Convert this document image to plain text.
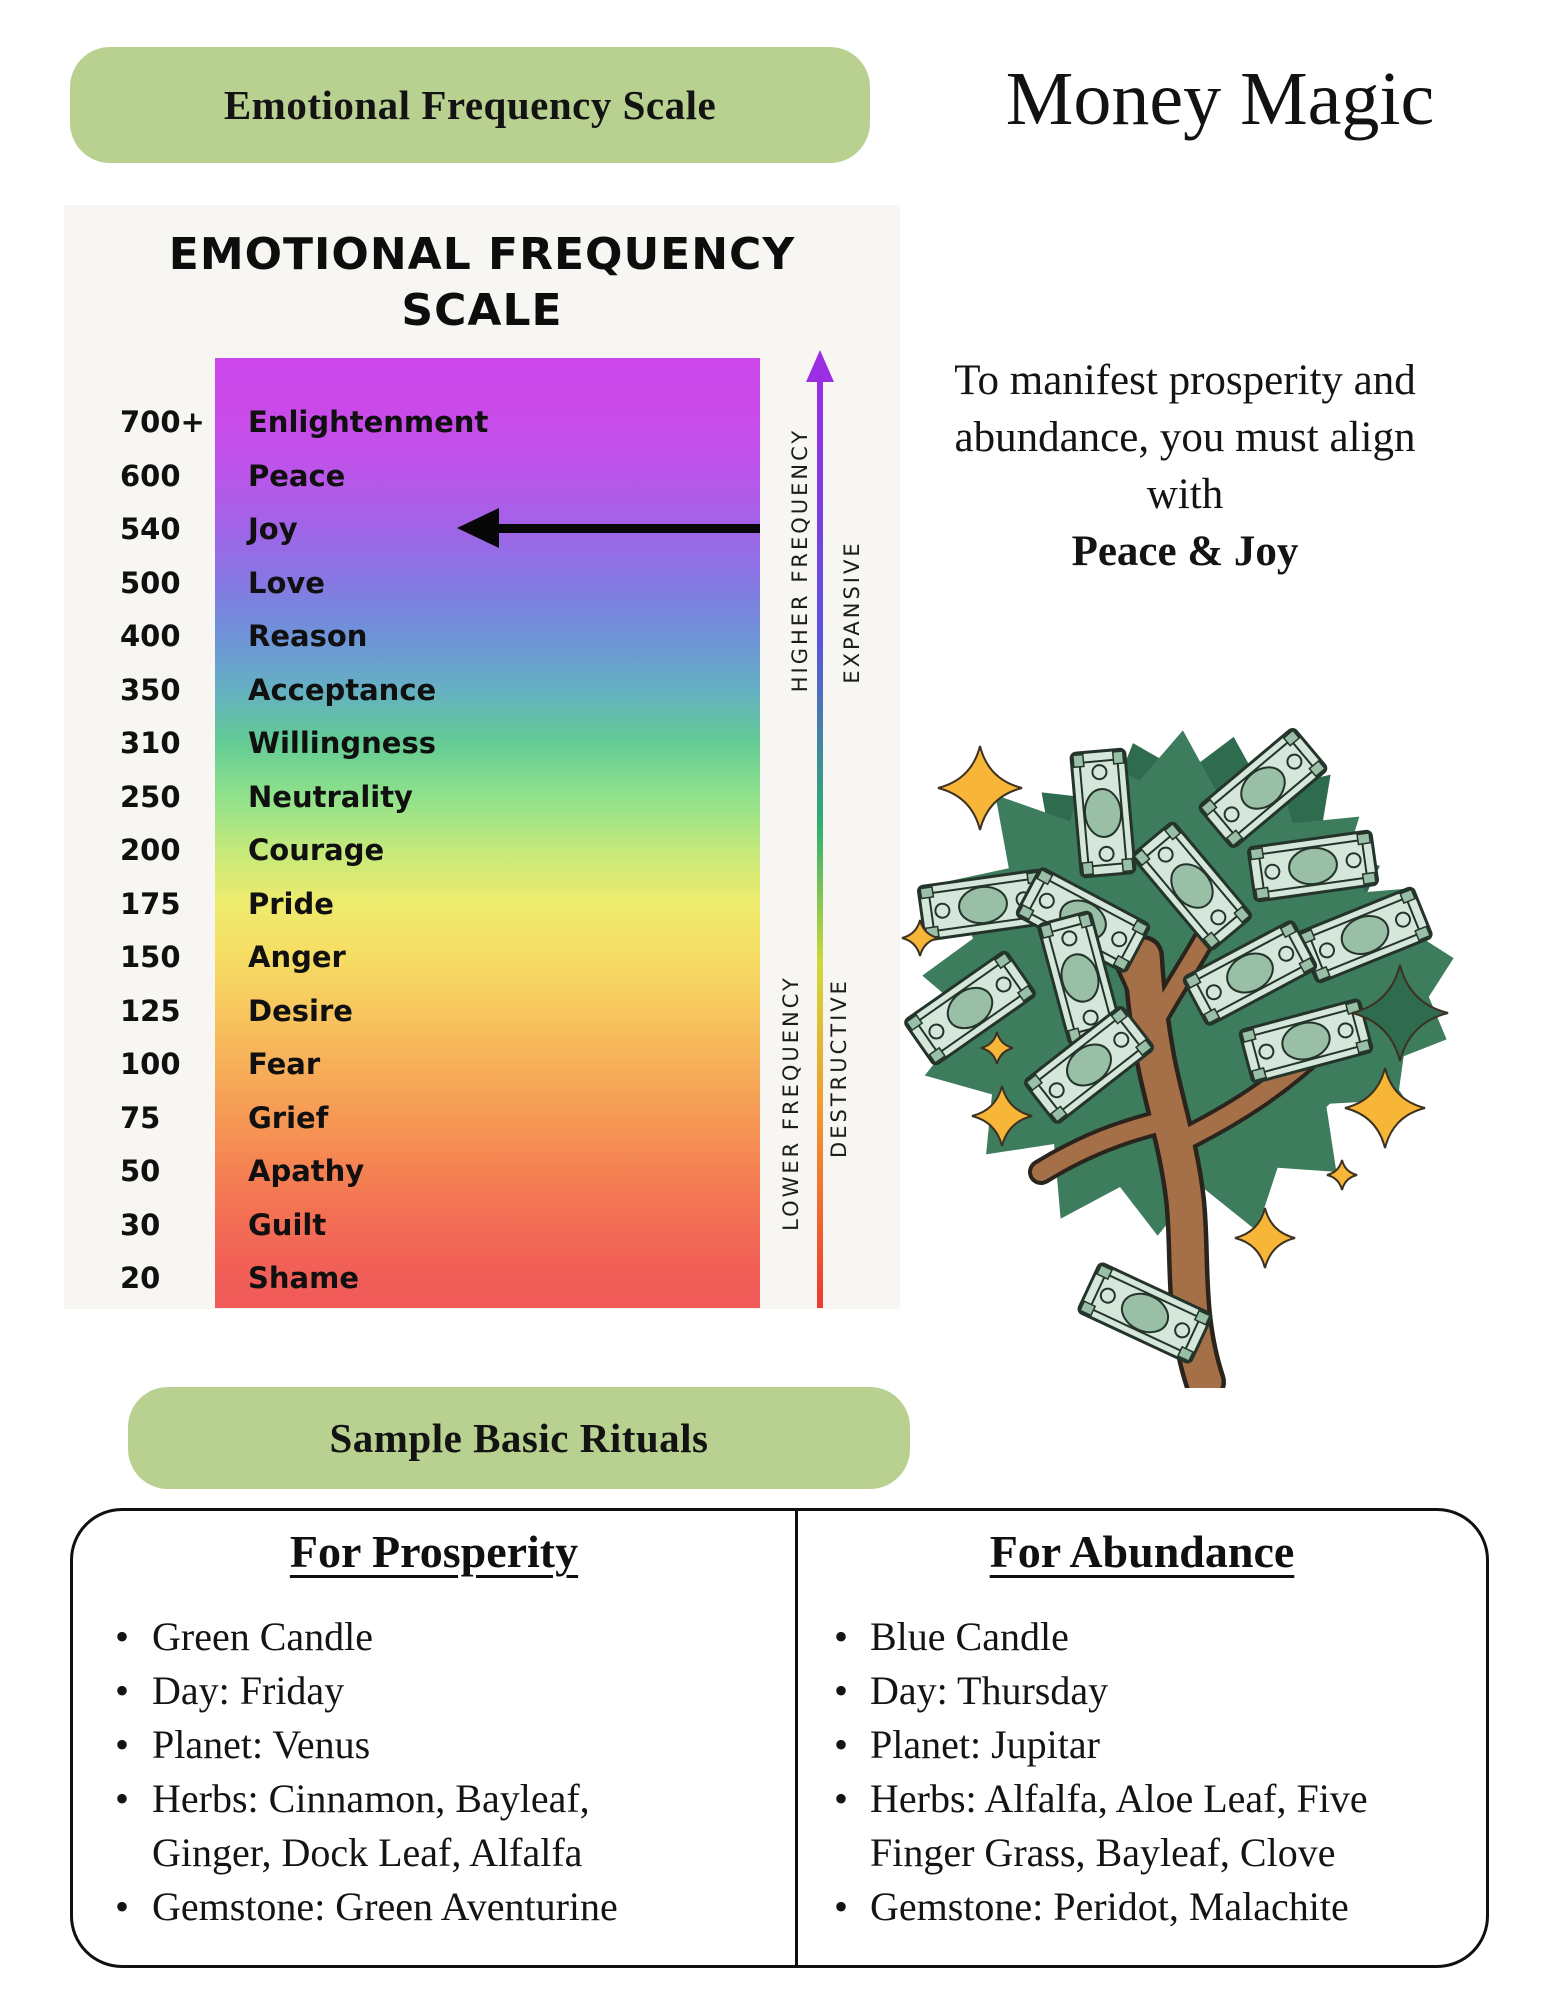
Emotional Frequency Scale	Money Magic
EMOTIONAL FREQUENCY SCALE
700+	Enlightenment
600	Peace
540	Joy
500	Love
400	Reason
350	Acceptance
310	Willingness
250	Neutrality
200	Courage
175	Pride
150	Anger
125	Desire
100	Fear
75	Grief
50	Apathy
30	Guilt
20	Shame
HIGHER FREQUENCY EXPANSIVE
LOWER FREQUENCY DESTRUCTIVE
To manifest prosperity and
abundance, you must align
with
Peace & Joy
Sample Basic Rituals
For Prosperity
• Green Candle
• Day: Friday
• Planet: Venus
• Herbs: Cinnamon, Bayleaf, Ginger, Dock Leaf, Alfalfa
• Gemstone: Green Aventurine
For Abundance
• Blue Candle
• Day: Thursday
• Planet: Jupitar
• Herbs: Alfalfa, Aloe Leaf, Five Finger Grass, Bayleaf, Clove
• Gemstone: Peridot, Malachite
